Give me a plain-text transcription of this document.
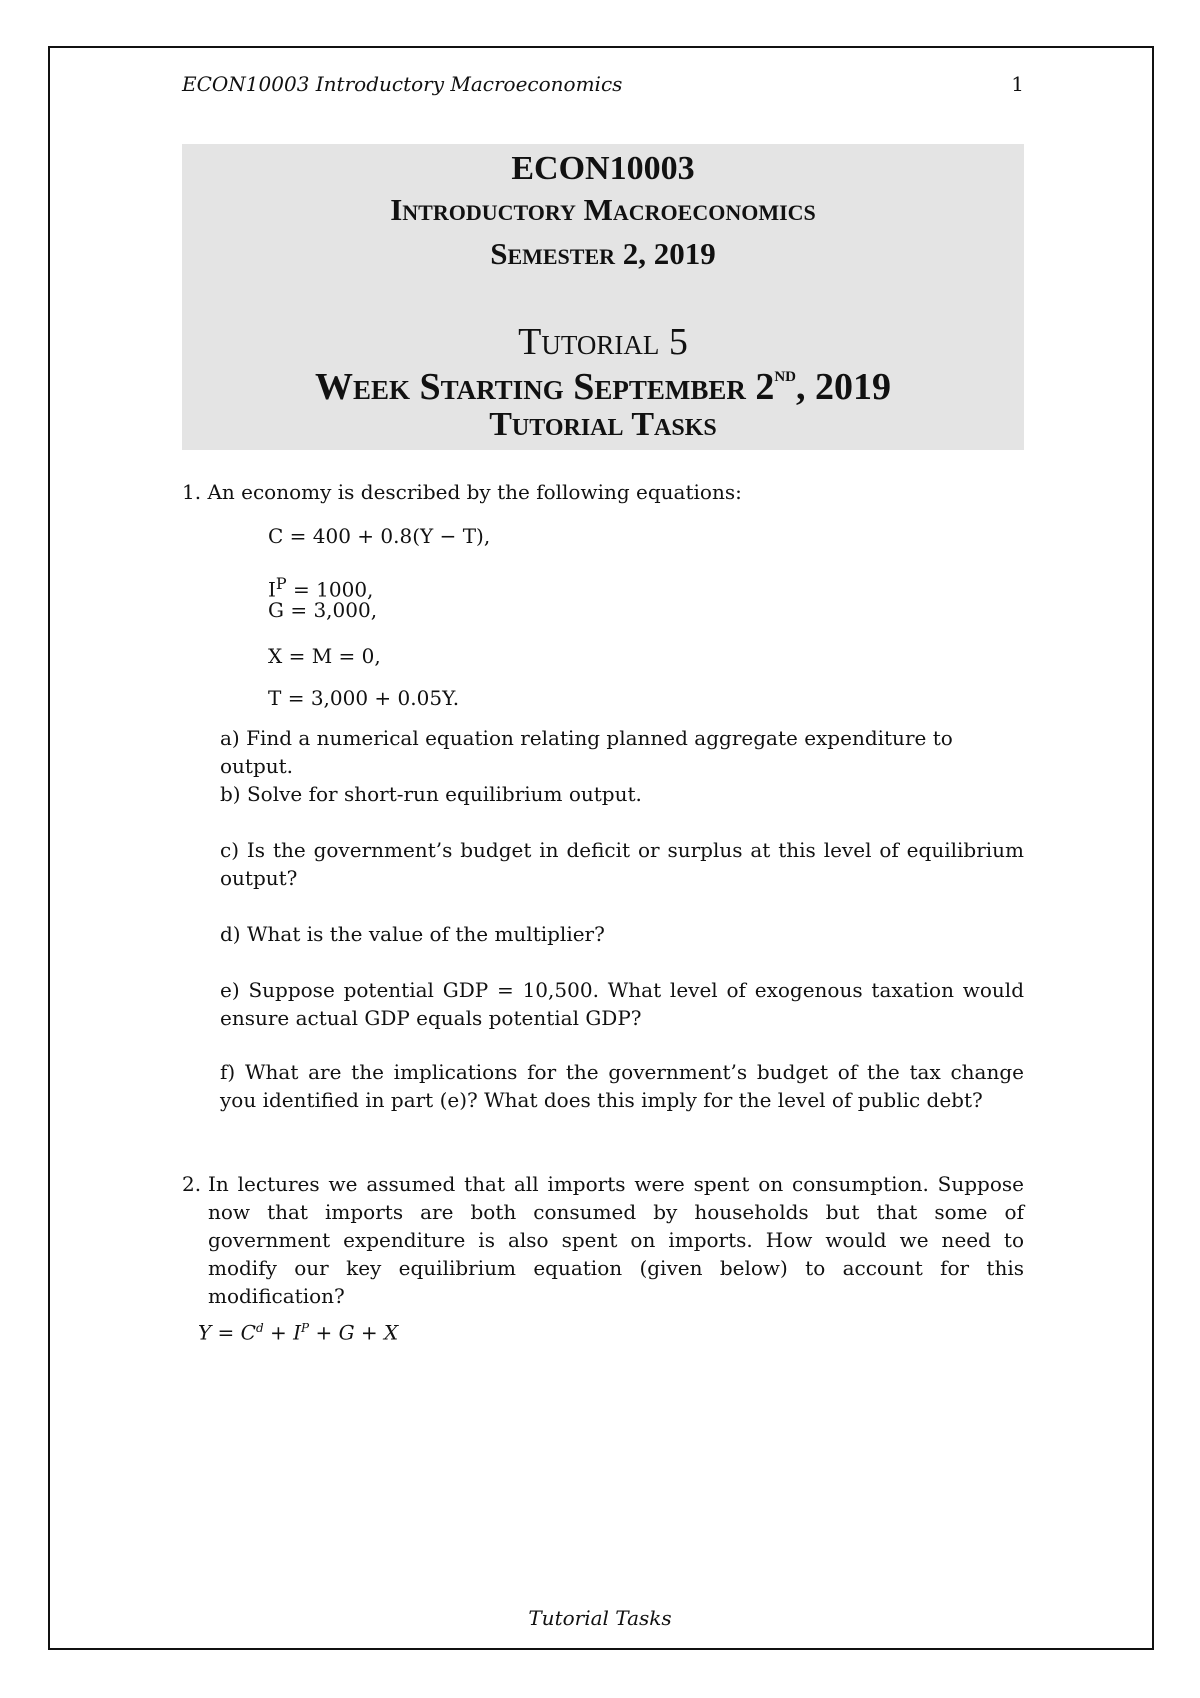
ECON10003 Introductory Macroeconomics	1
ECON10003
Introductory Macroeconomics
Semester 2, 2019
Tutorial 5
Week Starting September 2nd, 2019
Tutorial Tasks
1. An economy is described by the following equations:
C = 400 + 0.8(Y − T),
$I^P = 1000$,
G = 3,000,
X = M = 0,
T = 3,000 + 0.05Y.
a) Find a numerical equation relating planned aggregate expenditure to output.
b) Solve for short-run equilibrium output.
c) Is the government’s budget in deficit or surplus at this level of equilibrium output?
d) What is the value of the multiplier?
e) Suppose potential GDP = 10,500. What level of exogenous taxation would ensure actual GDP equals potential GDP?
f) What are the implications for the government’s budget of the tax change you identified in part (e)? What does this imply for the level of public debt?
2. In lectures we assumed that all imports were spent on consumption. Suppose now that imports are both consumed by households but that some of government expenditure is also spent on imports. How would we need to modify our key equilibrium equation (given below) to account for this modification?
$Y = C^d + I^P + G + X$
Tutorial Tasks
